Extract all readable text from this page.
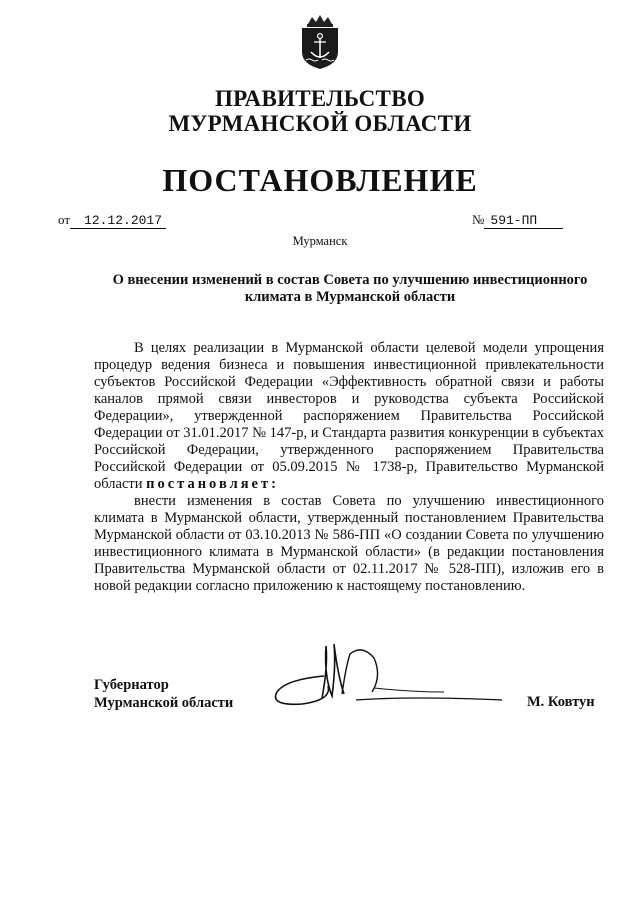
ПРАВИТЕЛЬСТВО
МУРМАНСКОЙ ОБЛАСТИ
ПОСТАНОВЛЕНИЕ
от 12.12.2017	№ 591-ПП
Мурманск
О внесении изменений в состав Совета по улучшению инвестиционного климата в Мурманской области

В целях реализации в Мурманской области целевой модели упрощения процедур ведения бизнеса и повышения инвестиционной привлекательности субъектов Российской Федерации «Эффективность обратной связи и работы каналов прямой связи инвесторов и руководства субъекта Российской Федерации», утвержденной распоряжением Правительства Российской Федерации от 31.01.2017 № 147-р, и Стандарта развития конкуренции в субъектах Российской Федерации, утвержденного распоряжением Правительства Российской Федерации от 05.09.2015 № 1738-р, Правительство Мурманской области постановляет:

внести изменения в состав Совета по улучшению инвестиционного климата в Мурманской области, утвержденный постановлением Правительства Мурманской области от 03.10.2013 № 586-ПП «О создании Совета по улучшению инвестиционного климата в Мурманской области» (в редакции постановления Правительства Мурманской области от 02.11.2017 № 528-ПП), изложив его в новой редакции согласно приложению к настоящему постановлению.

Губернатор
Мурманской области	М. Ковтун
